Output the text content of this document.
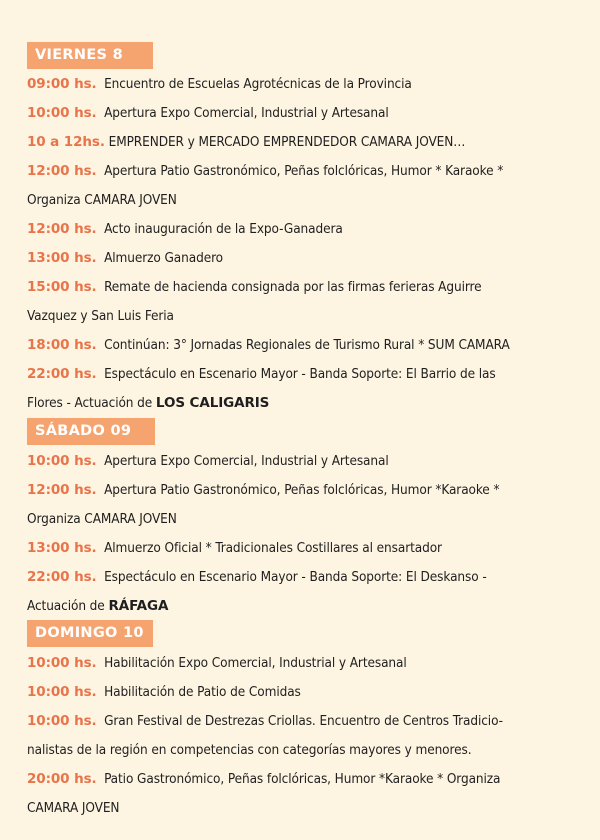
VIERNES 8
09:00 hs. Encuentro de Escuelas Agrotécnicas de la Provincia
10:00 hs. Apertura Expo Comercial, Industrial y Artesanal
10 a 12hs. EMPRENDER y MERCADO EMPRENDEDOR CAMARA JOVEN…
12:00 hs. Apertura Patio Gastronómico, Peñas folclóricas, Humor * Karaoke *
Organiza CAMARA JOVEN
12:00 hs. Acto inauguración de la Expo-Ganadera
13:00 hs. Almuerzo Ganadero
15:00 hs. Remate de hacienda consignada por las firmas ferieras Aguirre
Vazquez y San Luis Feria
18:00 hs. Continúan: 3° Jornadas Regionales de Turismo Rural * SUM CAMARA
22:00 hs. Espectáculo en Escenario Mayor - Banda Soporte: El Barrio de las
Flores - Actuación de LOS CALIGARIS
SÁBADO 09
10:00 hs. Apertura Expo Comercial, Industrial y Artesanal
12:00 hs. Apertura Patio Gastronómico, Peñas folclóricas, Humor *Karaoke *
Organiza CAMARA JOVEN
13:00 hs.  Almuerzo Oficial * Tradicionales Costillares al ensartador
22:00 hs. Espectáculo en Escenario Mayor - Banda Soporte: El Deskanso -
Actuación de RÁFAGA
DOMINGO 10
10:00 hs. Habilitación Expo Comercial, Industrial y Artesanal
10:00 hs. Habilitación de Patio de Comidas
10:00 hs. Gran Festival de Destrezas Criollas. Encuentro de Centros Tradicio-
nalistas de la región en competencias con categorías mayores y menores.
20:00 hs. Patio Gastronómico, Peñas folclóricas, Humor *Karaoke * Organiza
CAMARA JOVEN
